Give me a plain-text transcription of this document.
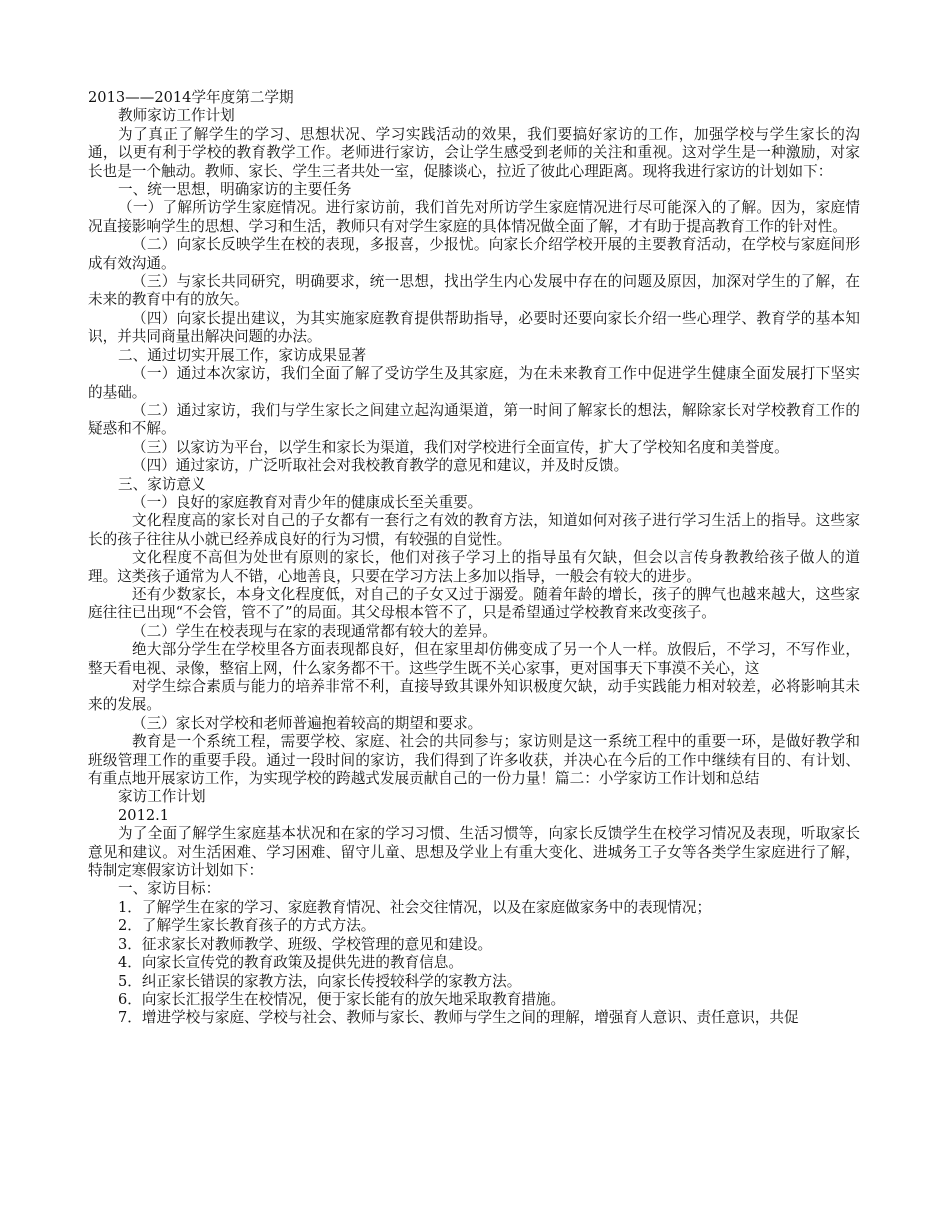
2013——2014学年度第二学期
教师家访工作计划
为了真正了解学生的学习、思想状况、学习实践活动的效果，我们要搞好家访的工作，加强学校与学生家长的沟通，以更有利于学校的教育教学工作。老师进行家访，会让学生感受到老师的关注和重视。这对学生是一种激励，对家长也是一个触动。教师、家长、学生三者共处一室，促膝谈心，拉近了彼此心理距离。现将我进行家访的计划如下：
一、统一思想，明确家访的主要任务
（一）了解所访学生家庭情况。进行家访前，我们首先对所访学生家庭情况进行尽可能深入的了解。因为，家庭情况直接影响学生的思想、学习和生活，教师只有对学生家庭的具体情况做全面了解，才有助于提高教育工作的针对性。
（二）向家长反映学生在校的表现，多报喜，少报忧。向家长介绍学校开展的主要教育活动，在学校与家庭间形成有效沟通。
（三）与家长共同研究，明确要求，统一思想，找出学生内心发展中存在的问题及原因，加深对学生的了解，在未来的教育中有的放矢。
（四）向家长提出建议，为其实施家庭教育提供帮助指导，必要时还要向家长介绍一些心理学、教育学的基本知识，并共同商量出解决问题的办法。
二、通过切实开展工作，家访成果显著
（一）通过本次家访，我们全面了解了受访学生及其家庭，为在未来教育工作中促进学生健康全面发展打下坚实的基础。
（二）通过家访，我们与学生家长之间建立起沟通渠道，第一时间了解家长的想法，解除家长对学校教育工作的疑惑和不解。
（三）以家访为平台，以学生和家长为渠道，我们对学校进行全面宣传，扩大了学校知名度和美誉度。
（四）通过家访，广泛听取社会对我校教育教学的意见和建议，并及时反馈。
三、家访意义
（一）良好的家庭教育对青少年的健康成长至关重要。
文化程度高的家长对自己的子女都有一套行之有效的教育方法，知道如何对孩子进行学习生活上的指导。这些家长的孩子往往从小就已经养成良好的行为习惯，有较强的自觉性。
文化程度不高但为处世有原则的家长，他们对孩子学习上的指导虽有欠缺，但会以言传身教教给孩子做人的道理。这类孩子通常为人不错，心地善良，只要在学习方法上多加以指导，一般会有较大的进步。
还有少数家长，本身文化程度低，对自己的子女又过于溺爱。随着年龄的增长，孩子的脾气也越来越大，这些家庭往往已出现“不会管，管不了”的局面。其父母根本管不了，只是希望通过学校教育来改变孩子。
（二）学生在校表现与在家的表现通常都有较大的差异。
绝大部分学生在学校里各方面表现都良好，但在家里却仿佛变成了另一个人一样。放假后，不学习，不写作业，整天看电视、录像，整宿上网，什么家务都不干。这些学生既不关心家事，更对国事天下事漠不关心，这
对学生综合素质与能力的培养非常不利，直接导致其课外知识极度欠缺，动手实践能力相对较差，必将影响其未来的发展。
（三）家长对学校和老师普遍抱着较高的期望和要求。
教育是一个系统工程，需要学校、家庭、社会的共同参与；家访则是这一系统工程中的重要一环，是做好教学和班级管理工作的重要手段。通过一段时间的家访，我们得到了许多收获，并决心在今后的工作中继续有目的、有计划、有重点地开展家访工作，为实现学校的跨越式发展贡献自己的一份力量！篇二：小学家访工作计划和总结
家访工作计划
2012.1
为了全面了解学生家庭基本状况和在家的学习习惯、生活习惯等，向家长反馈学生在校学习情况及表现，听取家长意见和建议。对生活困难、学习困难、留守儿童、思想及学业上有重大变化、进城务工子女等各类学生家庭进行了解，特制定寒假家访计划如下：
一、家访目标：
1．了解学生在家的学习、家庭教育情况、社会交往情况，以及在家庭做家务中的表现情况；
2．了解学生家长教育孩子的方式方法。
3．征求家长对教师教学、班级、学校管理的意见和建设。
4．向家长宣传党的教育政策及提供先进的教育信息。
5．纠正家长错误的家教方法，向家长传授较科学的家教方法。
6．向家长汇报学生在校情况，便于家长能有的放矢地采取教育措施。
7．增进学校与家庭、学校与社会、教师与家长、教师与学生之间的理解，增强育人意识、责任意识，共促
